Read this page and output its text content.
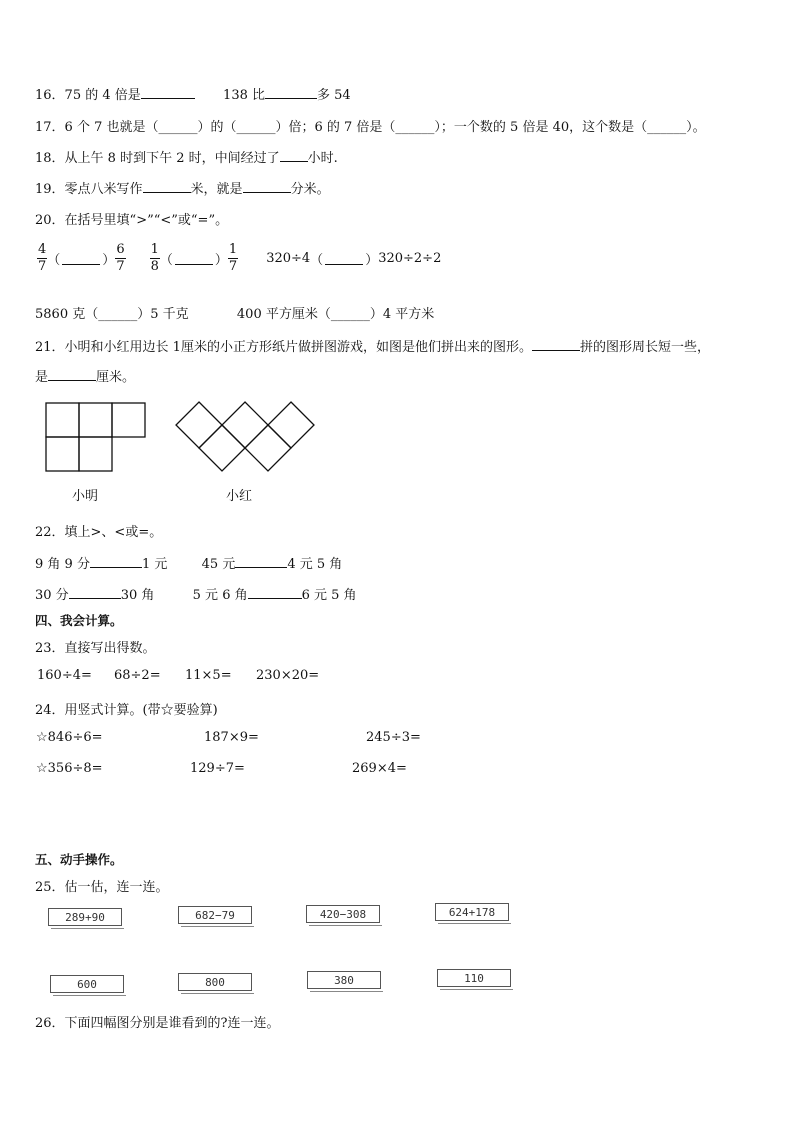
16．75 的 4 倍是	138 比	多 54
17．6 个 7 也就是（______）的（______）倍；6 的 7 倍是（______）；一个数的 5 倍是 40，这个数是（______）。
18．从上午 8 时到下午 2 时，中间经过了 小时.
19．零点八米写作	米，就是	分米。
20．在括号里填“>”“<”或“=”。
$\frac{4}{7}$ （	） $\frac{6}{7} \frac{1}{8}$ （	） $\frac{1}{7} 320\div 4$ （	） 320÷2÷2
5860 克（______）5 千克	400 平方厘米（______）4 平方米
21．小明和小红用边长 1厘米的小正方形纸片做拼图游戏，如图是他们拼出来的图形。	拼的图形周长短一些，
是	厘米。
小明	小红
22．填上>、<或=。
9 角 9 分	1 元	45 元	4 元 5 角
30 分	30 角	5 元 6 角	6 元 5 角
四、我会计算。
23．直接写出得数。
160÷4= 68÷2= 11×5= 230×20=
24．用竖式计算。(带☆要验算)
☆846÷6=	187×9=	245÷3=
☆356÷8=	129÷7=	269×4=
五、动手操作。
25．估一估，连一连。
289+90	682−79	420−308	624+178
600	800	380	110
26．下面四幅图分别是谁看到的?连一连。
